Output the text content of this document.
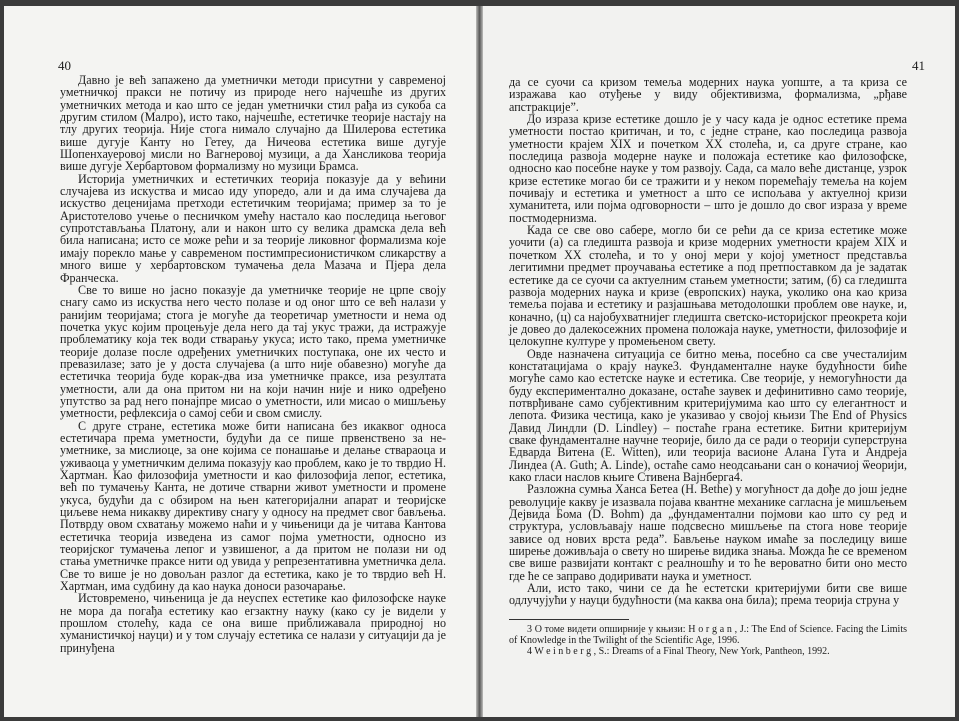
40

Давно је већ запажено да уметнички методи присутни у савременој уметничкој пракси не потичу из природе него најчешће из других уметничких метода и као што се један уметнички стил рађа из сукоба са другим стилом (Малро), исто тако, најчешће, естетичке теорије настају на тлу других теорија. Није стога нимало случајно да Шилерова естетика више дугује Канту но Гетеу, да Ничеова естетика више дугује Шопенхауеровој мисли но Вагнеровој музици, а да Хансликова теорија више дугује Хербартовом формализму но музици Брамса.

Историја уметничких и естетичких теорија показује да у већини случајева из искуства и мисао иду упоредо, али и да има случајева да искуство деценијама претходи естетичким теоријама; пример за то је Аристотелово учење о песничком умећу настало као последица његовог супротстављања Платону, али и након што су велика драмска дела већ била написана; исто се може рећи и за теорије ликовног формализма које имају порекло мање у савременом постимпресионистичком сликарству а много више у хербартовском тумачења дела Мазача и Пјера дела Франческа.

Све то више но јасно показује да уметничке теорије не црпе своју снагу само из искуства него често полазе и од оног што се већ налази у ранијим теоријама; стога је могуће да теоретичар уметности и нема од почетка укус којим процењује дела него да тај укус тражи, да истражује проблематику која тек води стварању укуса; исто тако, према уметничке теорије долазе после одређених уметничких поступака, оне их често и превазилазе; зато је у доста случајева (а што није обавезно) могуће да естетичка теорија буде корак-два иза уметничке праксе, иза резултата уметности, али да она притом ни на који начин није и нико одређено упутство за рад него понајпре мисао о уметности, или мисао о мишљењу уметности, рефлексија о самој себи и свом смислу.

С друге стране, естетика може бити написана без икаквог односа естетичара према уметности, будући да се пише првенствено за не-уметнике, за мислиоце, за оне којима се понашање и делање ствараоца и уживаоца у уметничким делима показују као проблем, како је то тврдио Н. Хартман. Као филозофија уметности и као филозофија лепог, естетика, већ по тумачењу Канта, не дотиче стварни живот уметности и промене укуса, будући да с обзиром на њен категоријални апарат и теоријске циљеве нема никакву директиву снагу у односу на предмет свог бављења. Потврду овом схватању можемо наћи и у чињеници да је читава Кантова естетичка теорија изведена из самог појма уметности, односно из теоријског тумачења лепог и узвишеног, а да притом не полази ни од стања уметничке праксе нити од увида у репрезентативна уметничка дела. Све то више је но довољан разлог да естетика, како је то тврдио већ Н. Хартман, има судбину да као наука доноси разочарање.

Истовремено, чињеница је да неуспех естетике као филозофске науке не мора да погађа естетику као егзактну науку (како су је видели у прошлом столећу, када се она више приближавала природној но хуманистичкој науци) и у том случају естетика се налази у ситуацији да је принуђена

41

да се суочи са кризом темеља модерних наука уопште, а та криза се изражава као отуђење у виду објективизма, формализма, „рђаве апстракције”.

До израза кризе естетике дошло је у часу када је однос естетике према уметности постао критичан, и то, с једне стране, као последица развоја уметности крајем XIX и почетком XX столећа, и, са друге стране, као последица развоја модерне науке и положаја естетике као филозофске, односно као посебне науке у том развоју. Сада, са мало веће дистанце, узрок кризе естетике могао би се тражити и у неком поремећају темеља на којем почивају и естетика и уметност а што се испољава у актуелној кризи хуманитета, или појма одговорности – што је дошло до свог израза у време постмодернизма.

Када се све ово сабере, могло би се рећи да се криза естетике може уочити (а) са гледишта развоја и кризе модерних уметности крајем XIX и почетком XX столећа, и то у оној мери у којој уметност представља легитимни предмет проучавања естетике а под претпоставком да је задатак естетике да се суочи са актуелним стањем уметности; затим, (б) са гледишта развоја модерних наука и кризе (европских) наука, уколико она као криза темеља појава и естетику и разјашњава методолошки проблем ове науке, и, коначно, (ц) са најобухватнијег гледишта светско-историјског преокрета који је довео до далекосежних промена положаја науке, уметности, филозофије и целокупне културе у промењеном свету.

Овде назначена ситуација се битно мења, посебно са све учесталијим констатацијама о крају науке3. Фундаменталне науке будућности биће могуће само као естетске науке и естетика. Све теорије, у немогућности да буду експериментално доказане, остаће заувек и дефинитивно само теорије, потврђиване само субјективним критеријумима као што су елегантност и лепота. Физика честица, како је указивао у својој књизи The End of Physics Давид Линдли (D. Lindley) – постаће грана естетике. Битни критеријум сваке фундаменталне научне теорије, било да се ради о теорији суперструна Едварда Витена (E. Witten), или теорија васионе Алана Гута и Андреја Линдеа (A. Guth; A. Linde), остаће само неодсањани сан о коначиој ѿеорији, како гласи наслов књиге Стивена Вајнберга4.

Разложна сумња Ханса Бетеа (H. Bethe) у могућност да дође до још једне револуције какву је изазвала појава квантне механике сагласна је мишљењем Дејвида Бома (D. Bohm) да „фундаментални појмови као што су ред и структура, условљавају наше подсвесно мишљење па стога нове теорије зависе од нових врста реда”. Бављење науком имаће за последицу више ширење доживљаја о свету но ширење видика знања. Можда ће се временом све више развијати контакт с реалношћу и то ће вероватно бити оно место где ће се заправо додиривати наука и уметност.

Али, исто тако, чини се да ће естетски критеријуми бити све више одлучујући у науци будућности (ма каква она била); према теорија струна у

3 О томе видети опширније у књизи: H o r g a n , J.: The End of Science. Facing the Limits of Knowledge in the Twilight of the Scientific Age, 1996.

4 W e i n b e r g , S.: Dreams of a Final Theory, New York, Pantheon, 1992.
